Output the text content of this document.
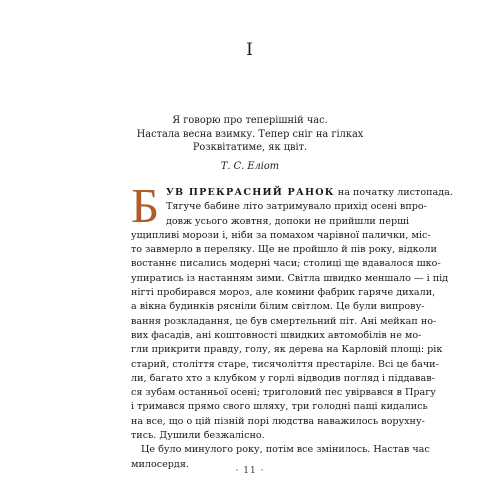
I
Я говорю про теперішній час.
Настала весна взимку. Тепер сніг на гілках
Розквітатиме, як цвіт.
Т. С. Еліот
Б УВ ПРЕКРАСНИЙ РАНОК на початку листопада.
Тягуче бабине літо затримувало прихід осені впро-
довж усього жовтня, допоки не прийшли перші
ущипливі морози і, ніби за помахом чарівної палички, міс-
то завмерло в переляку. Ще не пройшло й пів року, відколи
востаннє писались модерні часи; столиці ще вдавалося шко-
упиратись із настанням зими. Світла швидко меншало — і під
нігті пробирався мороз, але комини фабрик гаряче дихали,
а вікна будинків рясніли білим світлом. Це були випрову-
вання розкладання, це був смертельний піт. Ані мейкап но-
вих фасадів, ані коштовності швидких автомобілів не мо-
гли прикрити правду, голу, як дерева на Карловій площі: рік
старий, століття старе, тисячоліття престаріле. Всі це бачи-
ли, багато хто з клубком у горлі відводив погляд і піддавав-
ся зубам останньої осені; триголовий пес увірвався в Прагу
і тримався прямо свого шляху, три голодні пащі кидались
на все, що о цій пізній порі людства наважилось ворухну-
тись. Душили безжалісно.
Це було минулого року, потім все змінилось. Настав час
милосердя.
· 11 ·
